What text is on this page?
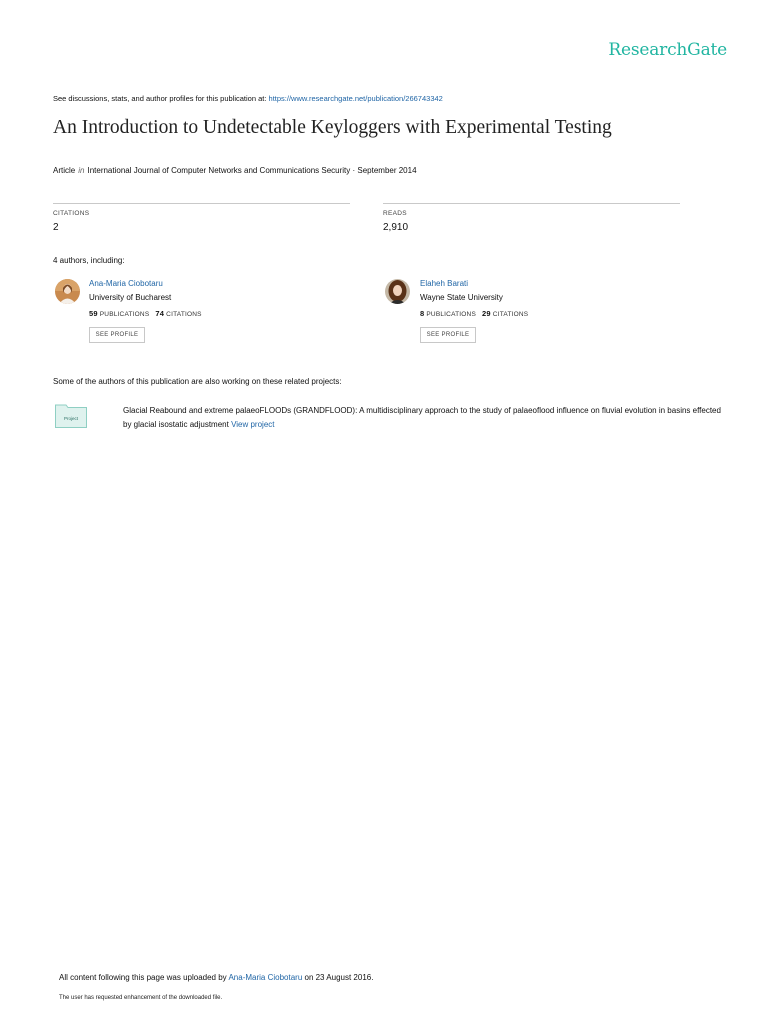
ResearchGate
See discussions, stats, and author profiles for this publication at: https://www.researchgate.net/publication/266743342
An Introduction to Undetectable Keyloggers with Experimental Testing
Article in International Journal of Computer Networks and Communications Security · September 2014
CITATIONS
2
READS
2,910
4 authors, including:
Ana-Maria Ciobotaru
University of Bucharest
59 PUBLICATIONS 74 CITATIONS
SEE PROFILE
Elaheh Barati
Wayne State University
8 PUBLICATIONS 29 CITATIONS
SEE PROFILE
Some of the authors of this publication are also working on these related projects:
Project
Glacial Reabound and extreme palaeoFLOODs (GRANDFLOOD): A multidisciplinary approach to the study of palaeoflood influence on fluvial evolution in basins effected by glacial isostatic adjustment View project
All content following this page was uploaded by Ana-Maria Ciobotaru on 23 August 2016.
The user has requested enhancement of the downloaded file.
